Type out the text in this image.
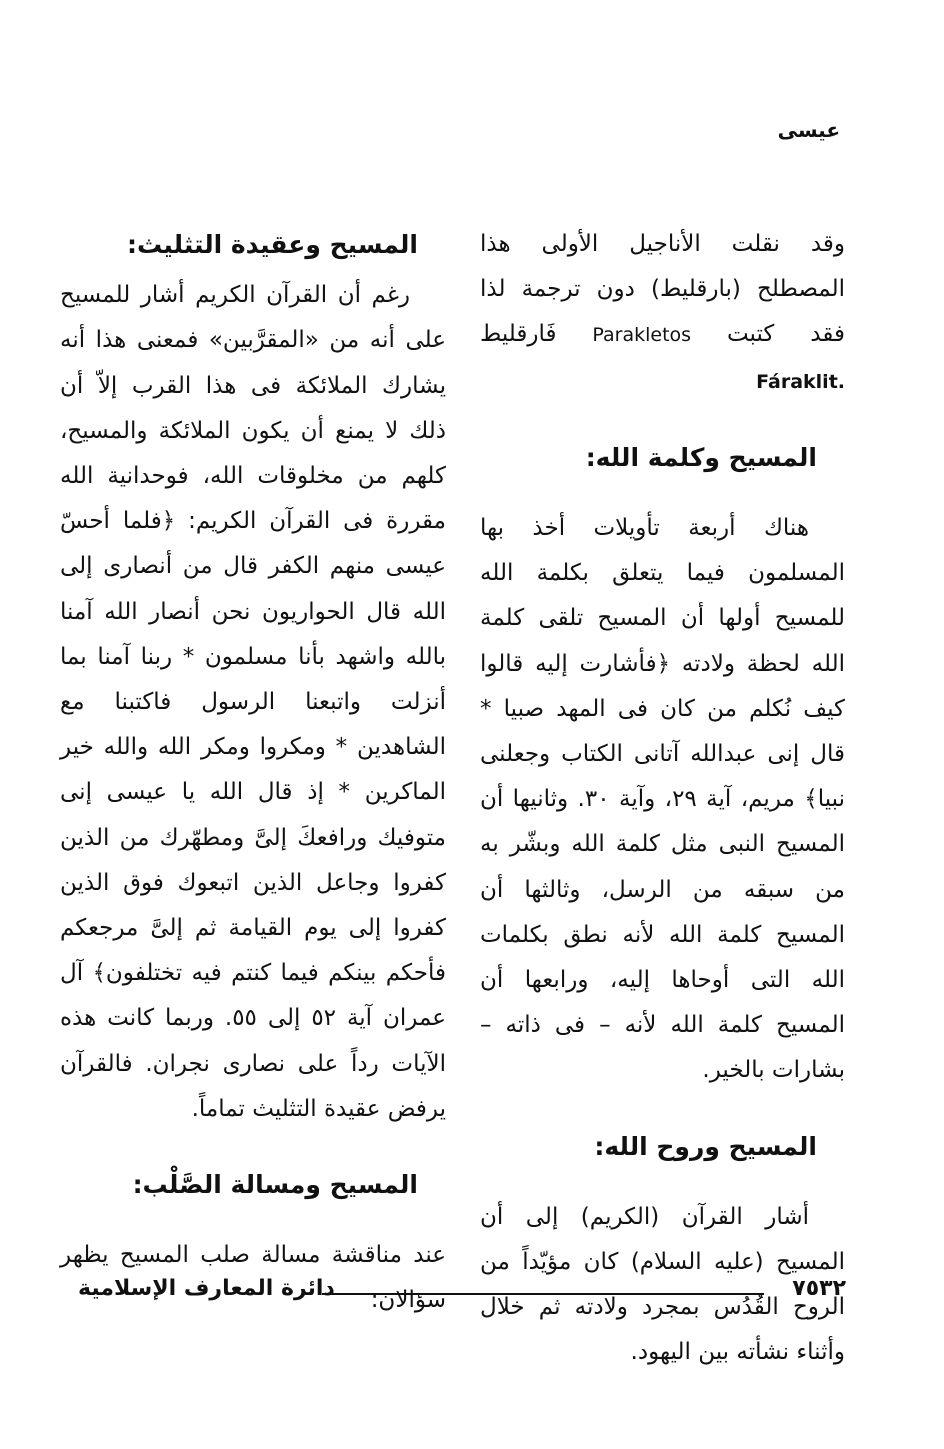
عيسى

وقد نقلت الأناجيل الأولى هذا المصطلح (بارقليط) دون ترجمة لذا فقد كتبت Parakletos فَارقليط Fáraklit.

المسيح وكلمة الله:

هناك أربعة تأويلات أخذ بها المسلمون فيما يتعلق بكلمة الله للمسيح أولها أن المسيح تلقى كلمة الله لحظة ولادته ﴿فأشارت إليه قالوا كيف نُكلم من كان فى المهد صبيا * قال إنى عبدالله آتانى الكتاب وجعلنى نبيا﴾ مريم، آية ٢٩، وآية ٣٠. وثانيها أن المسيح النبى مثل كلمة الله وبشّر به من سبقه من الرسل، وثالثها أن المسيح كلمة الله لأنه نطق بكلمات الله التى أوحاها إليه، ورابعها أن المسيح كلمة الله لأنه – فى ذاته – بشارات بالخير.

المسيح وروح الله:

أشار القرآن (الكريم) إلى أن المسيح (عليه السلام) كان مؤيّداً من الروح القُدُس بمجرد ولادته ثم خلال وأثناء نشأته بين اليهود.

المسيح وعقيدة التثليث:

رغم أن القرآن الكريم أشار للمسيح على أنه من «المقرَّبين» فمعنى هذا أنه يشارك الملائكة فى هذا القرب إلاّ أن ذلك لا يمنع أن يكون الملائكة والمسيح، كلهم من مخلوقات الله، فوحدانية الله مقررة فى القرآن الكريم: ﴿فلما أحسّ عيسى منهم الكفر قال من أنصارى إلى الله قال الحواريون نحن أنصار الله آمنا بالله واشهد بأنا مسلمون * ربنا آمنا بما أنزلت واتبعنا الرسول فاكتبنا مع الشاهدين * ومكروا ومكر الله والله خير الماكرين * إذ قال الله يا عيسى إنى متوفيك ورافعكَ إلىَّ ومطهّرك من الذين كفروا وجاعل الذين اتبعوك فوق الذين كفروا إلى يوم القيامة ثم إلىَّ مرجعكم فأحكم بينكم فيما كنتم فيه تختلفون﴾ آل عمران آية ٥٢ إلى ٥٥. وربما كانت هذه الآيات رداً على نصارى نجران. فالقرآن يرفض عقيدة التثليث تماماً.

المسيح ومسالة الصَّلْب:

عند مناقشة مسالة صلب المسيح يظهر سؤالان:	٧٥٣٢
دائرة المعارف الإسلامية
